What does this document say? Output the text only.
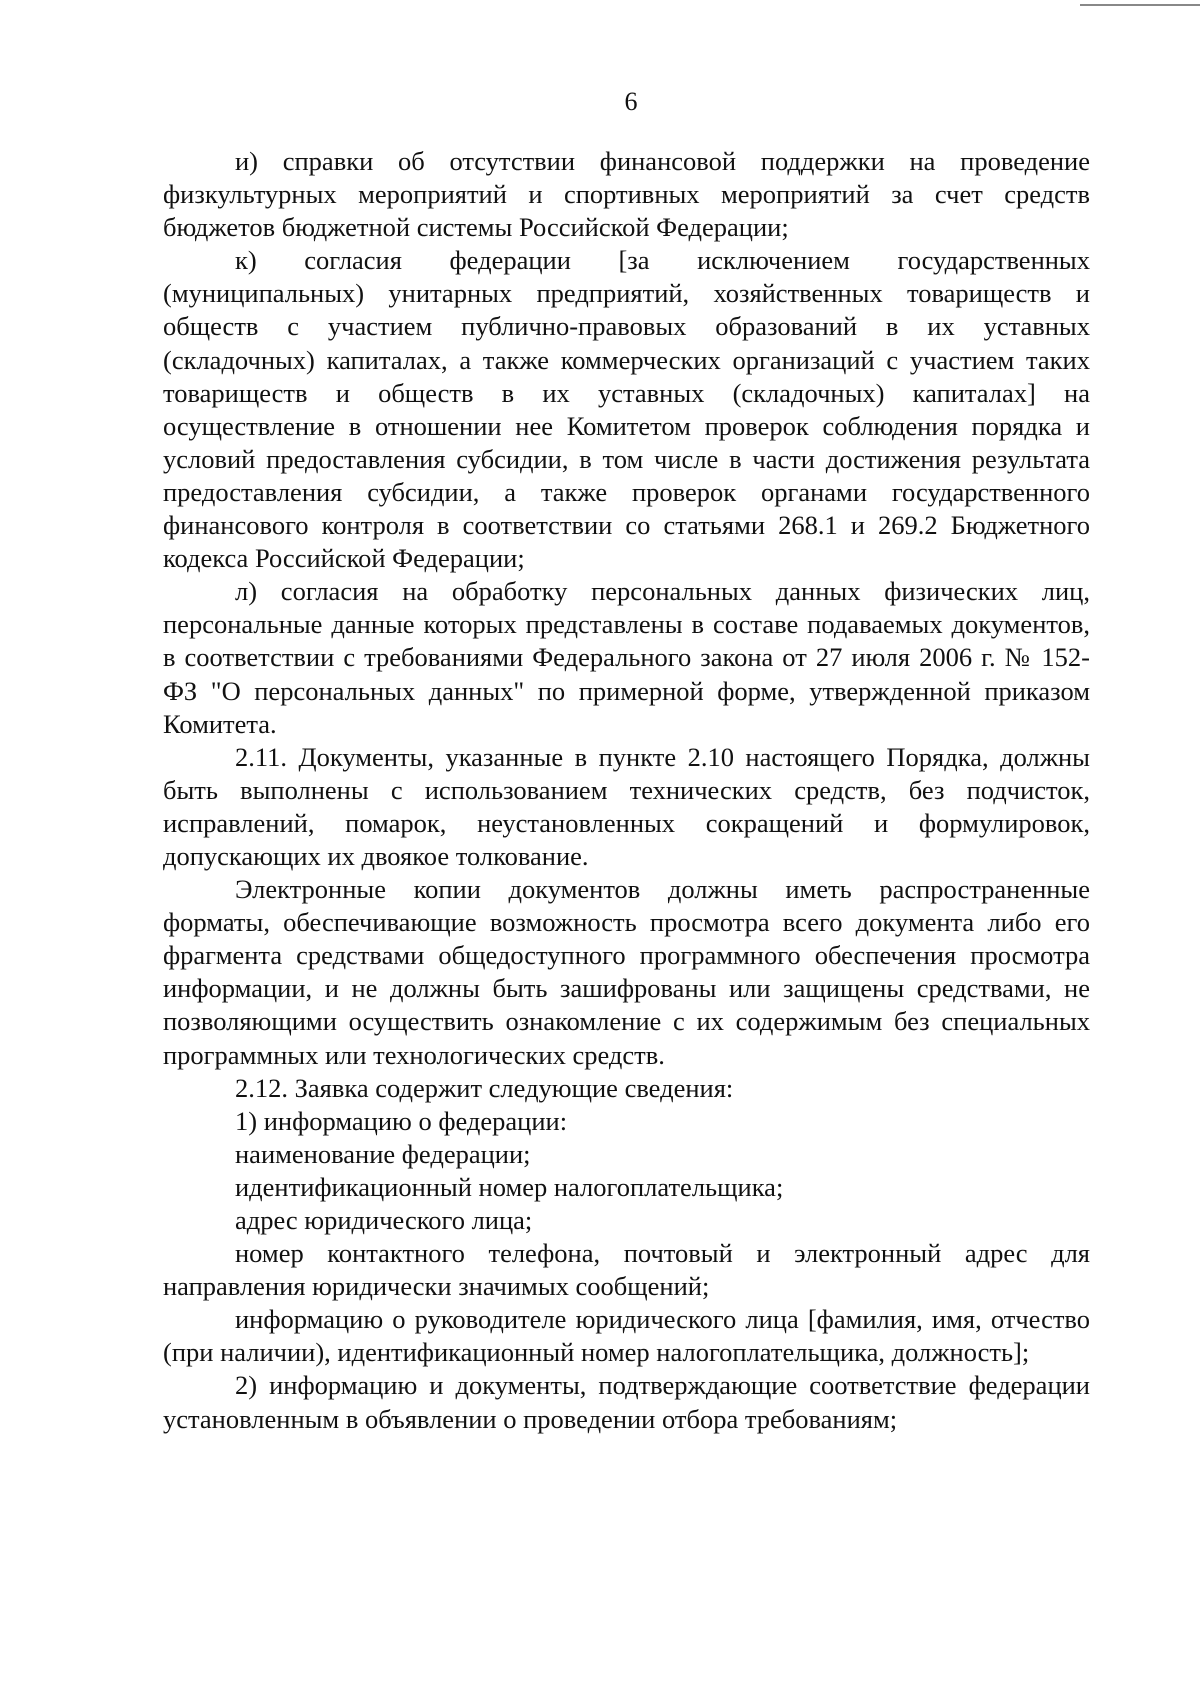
6

и) справки об отсутствии финансовой поддержки на проведение физкультурных мероприятий и спортивных мероприятий за счет средств бюджетов бюджетной системы Российской Федерации;

к) согласия федерации [за исключением государственных (муниципальных) унитарных предприятий, хозяйственных товариществ и обществ с участием публично-правовых образований в их уставных (складочных) капиталах, а также коммерческих организаций с участием таких товариществ и обществ в их уставных (складочных) капиталах] на осуществление в отношении нее Комитетом проверок соблюдения порядка и условий предоставления субсидии, в том числе в части достижения результата предоставления субсидии, а также проверок органами государственного финансового контроля в соответствии со статьями 268.1 и 269.2 Бюджетного кодекса Российской Федерации;

л) согласия на обработку персональных данных физических лиц, персональные данные которых представлены в составе подаваемых документов, в соответствии с требованиями Федерального закона от 27 июля 2006 г. № 152-ФЗ "О персональных данных" по примерной форме, утвержденной приказом Комитета.

2.11. Документы, указанные в пункте 2.10 настоящего Порядка, должны быть выполнены с использованием технических средств, без подчисток, исправлений, помарок, неустановленных сокращений и формулировок, допускающих их двоякое толкование.

Электронные копии документов должны иметь распространенные форматы, обеспечивающие возможность просмотра всего документа либо его фрагмента средствами общедоступного программного обеспечения просмотра информации, и не должны быть зашифрованы или защищены средствами, не позволяющими осуществить ознакомление с их содержимым без специальных программных или технологических средств.

2.12. Заявка содержит следующие сведения:

1) информацию о федерации:

наименование федерации;

идентификационный номер налогоплательщика;

адрес юридического лица;

номер контактного телефона, почтовый и электронный адрес для направления юридически значимых сообщений;

информацию о руководителе юридического лица [фамилия, имя, отчество (при наличии), идентификационный номер налогоплательщика, должность];

2) информацию и документы, подтверждающие соответствие федерации установленным в объявлении о проведении отбора требованиям;
